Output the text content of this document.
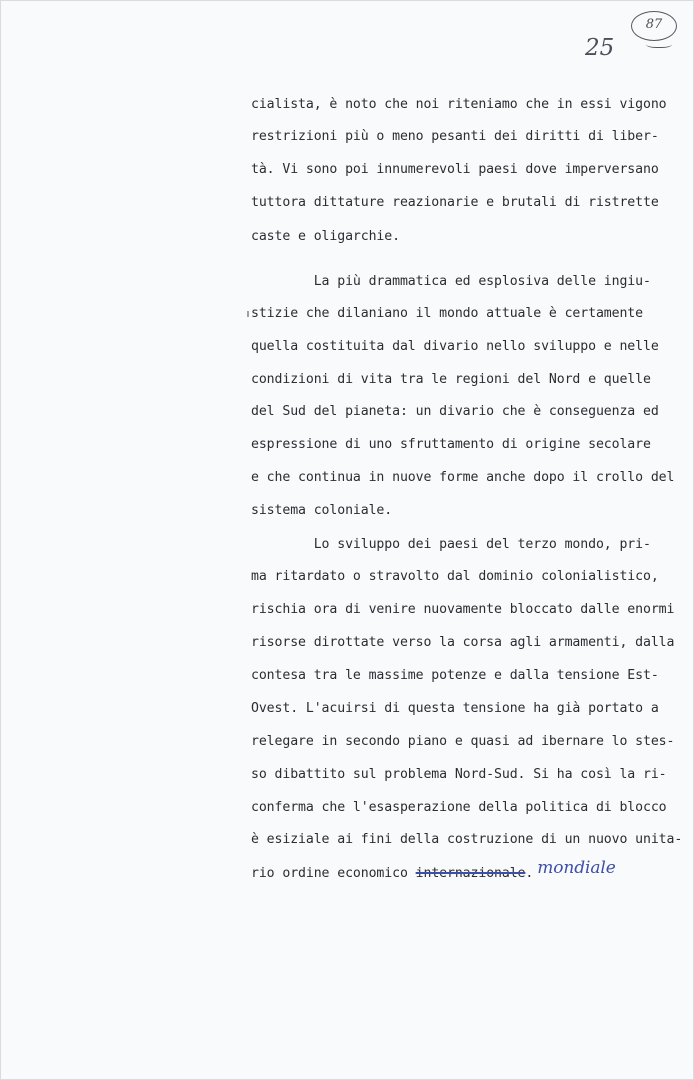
87
25
cialista, è noto che noi riteniamo che in essi vigono
restrizioni più o meno pesanti dei diritti di liber-
tà. Vi sono poi innumerevoli paesi dove imperversano
tuttora dittature reazionarie e brutali di ristrette
caste e oligarchie.
La più drammatica ed esplosiva delle ingiu-
stizie che dilaniano il mondo attuale è certamente
quella costituita dal divario nello sviluppo e nelle
condizioni di vita tra le regioni del Nord e quelle
del Sud del pianeta: un divario che è conseguenza ed
espressione di uno sfruttamento di origine secolare
e che continua in nuove forme anche dopo il crollo del
sistema coloniale.
Lo sviluppo dei paesi del terzo mondo, pri-
ma ritardato o stravolto dal dominio colonialistico,
rischia ora di venire nuovamente bloccato dalle enormi
risorse dirottate verso la corsa agli armamenti, dalla
contesa tra le massime potenze e dalla tensione Est-
Ovest. L'acuirsi di questa tensione ha già portato a
relegare in secondo piano e quasi ad ibernare lo stes-
so dibattito sul problema Nord-Sud. Si ha così la ri-
conferma che l'esasperazione della politica di blocco
è esiziale ai fini della costruzione di un nuovo unita-
rio ordine economico internazionale. mondiale
